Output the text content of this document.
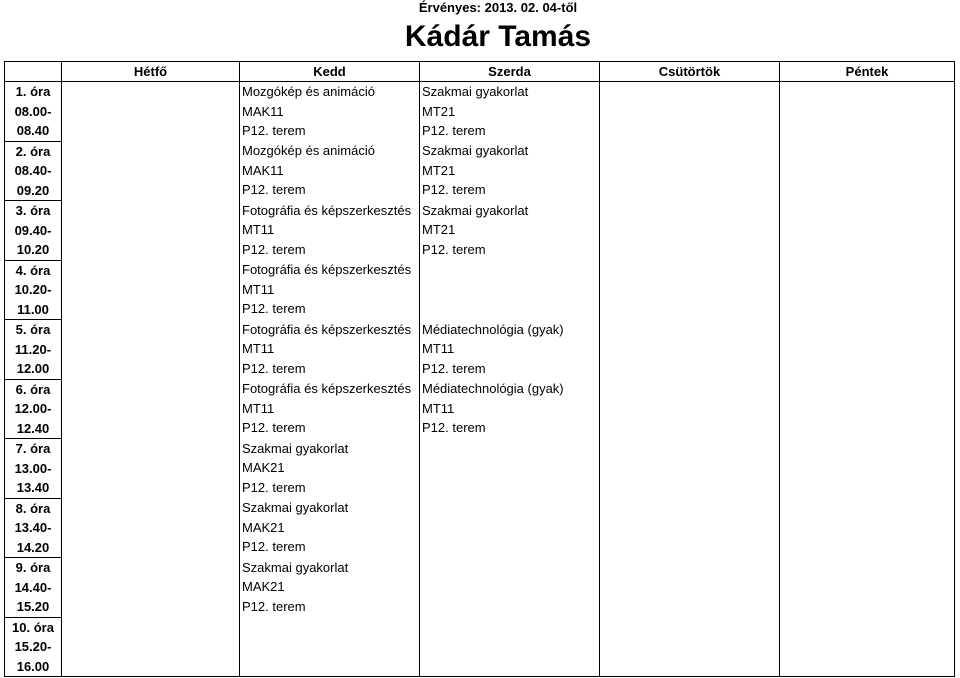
Érvényes: 2013. 02. 04-től
Kádár Tamás
	Hétfő	Kedd	Szerda	Csütörtök	Péntek

1. óra
08.00-
08.40		Mozgókép és animáció
MAK11
P12. terem	Szakmai gyakorlat
MT21
P12. terem		

2. óra
08.40-
09.20		Mozgókép és animáció
MAK11
P12. terem	Szakmai gyakorlat
MT21
P12. terem		

3. óra
09.40-
10.20		Fotográfia és képszerkesztés
MT11
P12. terem	Szakmai gyakorlat
MT21
P12. terem		

4. óra
10.20-
11.00		Fotográfia és képszerkesztés
MT11
P12. terem			

5. óra
11.20-
12.00		Fotográfia és képszerkesztés
MT11
P12. terem	Médiatechnológia (gyak)
MT11
P12. terem		

6. óra
12.00-
12.40		Fotográfia és képszerkesztés
MT11
P12. terem	Médiatechnológia (gyak)
MT11
P12. terem		

7. óra
13.00-
13.40		Szakmai gyakorlat
MAK21
P12. terem			

8. óra
13.40-
14.20		Szakmai gyakorlat
MAK21
P12. terem			

9. óra
14.40-
15.20		Szakmai gyakorlat
MAK21
P12. terem			

10. óra
15.20-
16.00					
